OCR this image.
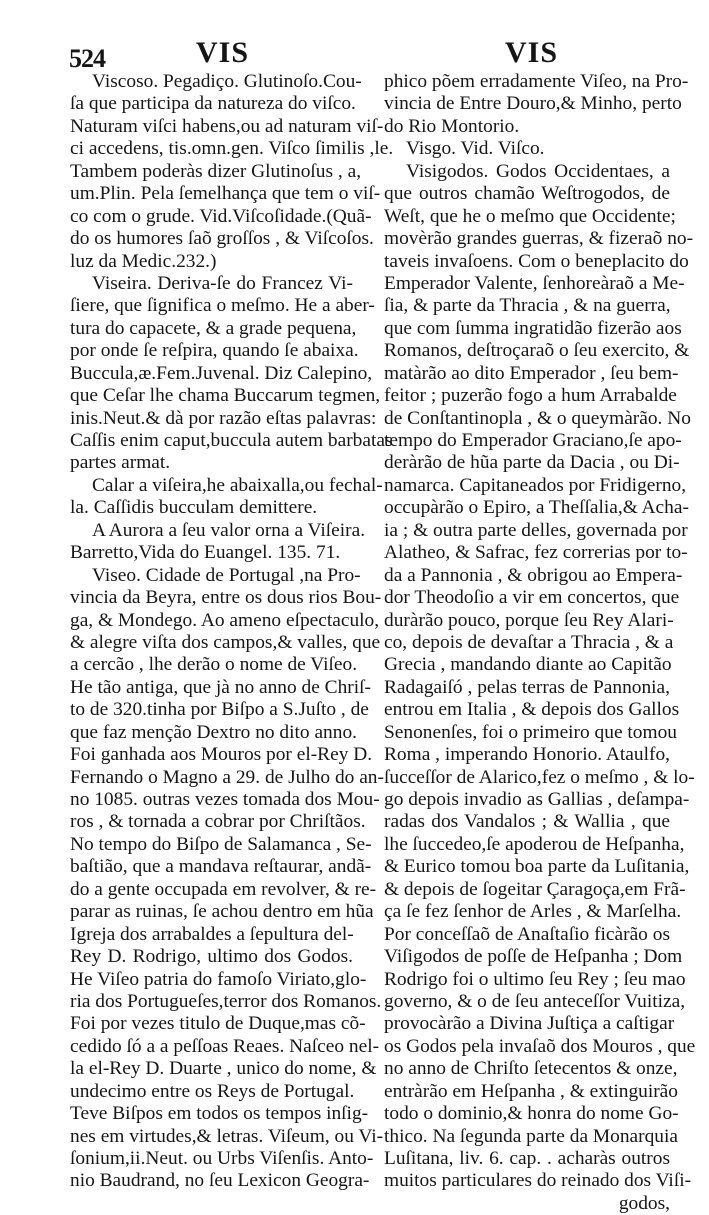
524	VIS	VIS
Viscoso. Pegadiço. Glutinoſo.Cou-
ſa que participa da natureza do viſco.
Naturam viſci habens,ou ad naturam viſ-
ci accedens, tis.omn.gen. Viſco ſimilis ,le.
Tambem poderàs dizer Glutinoſus , a,
um.Plin. Pela ſemelhança que tem o viſ-
co com o grude. Vid.Viſcoſidade.(Quã-
do os humores ſaõ groſſos , & Viſcoſos.
luz da Medic.232.)
Viseira. Deriva-ſe do Francez Vi-
ſiere, que ſignifica o meſmo. He a aber-
tura do capacete, & a grade pequena,
por onde ſe reſpira, quando ſe abaixa.
Buccula,æ.Fem.Juvenal. Diz Calepino,
que Ceſar lhe chama Buccarum tegmen,
inis.Neut.& dà por razão eſtas palavras:
Caſſis enim caput,buccula autem barbatas
partes armat.
Calar a viſeira,he abaixalla,ou fechal-
la. Caſſidis bucculam demittere.
A Aurora a ſeu valor orna a Viſeira.
Barretto,Vida do Euangel. 135. 71.
Viseo. Cidade de Portugal ,na Pro-
vincia da Beyra, entre os dous rios Bou-
ga, & Mondego. Ao ameno eſpectaculo,
& alegre viſta dos campos,& valles, que
a cercão , lhe derão o nome de Viſeo.
He tão antiga, que jà no anno de Chriſ-
to de 320.tinha por Biſpo a S.Juſto , de
que faz menção Dextro no dito anno.
Foi ganhada aos Mouros por el-Rey D.
Fernando o Magno a 29. de Julho do an-
no 1085. outras vezes tomada dos Mou-
ros , & tornada a cobrar por Chriſtãos.
No tempo do Biſpo de Salamanca , Se-
baſtião, que a mandava reſtaurar, andã-
do a gente occupada em revolver, & re-
parar as ruinas, ſe achou dentro em hũa
Igreja dos arrabaldes a ſepultura del-
Rey D. Rodrigo, ultimo dos Godos.
He Viſeo patria do famoſo Viriato,glo-
ria dos Portugueſes,terror dos Romanos.
Foi por vezes titulo de Duque,mas cõ-
cedido ſó a a peſſoas Reaes. Naſceo nel-
la el-Rey D. Duarte , unico do nome, &
undecimo entre os Reys de Portugal.
Teve Biſpos em todos os tempos inſig-
nes em virtudes,& letras. Viſeum, ou Vi-
ſonium,ii.Neut. ou Urbs Viſenſis. Anto-
nio Baudrand, no ſeu Lexicon Geogra-
phico põem erradamente Viſeo, na Pro-
vincia de Entre Douro,& Minho, perto
do Rio Montorio.
Visgo. Vid. Viſco.
Visigodos. Godos Occidentaes, a
que outros chamão Weſtrogodos, de
Weſt, que he o meſmo que Occidente;
movèrão grandes guerras, & fizeraõ no-
taveis invaſoens. Com o beneplacito do
Emperador Valente, ſenhoreàraõ a Me-
ſia, & parte da Thracia , & na guerra,
que com ſumma ingratidão fizerão aos
Romanos, deſtroçaraõ o ſeu exercito, &
matàrão ao dito Emperador , ſeu bem-
feitor ; puzerão fogo a hum Arrabalde
de Conſtantinopla , & o queymàrão. No
tempo do Emperador Graciano,ſe apo-
deràrão de hũa parte da Dacia , ou Di-
namarca. Capitaneados por Fridigerno,
occupàrão o Epiro, a Theſſalia,& Acha-
ia ; & outra parte delles, governada por
Alatheo, & Safrac, fez correrias por to-
da a Pannonia , & obrigou ao Empera-
dor Theodoſio a vir em concertos, que
duràrão pouco, porque ſeu Rey Alari-
co, depois de devaſtar a Thracia , & a
Grecia , mandando diante ao Capitão
Radagaiſó , pelas terras de Pannonia,
entrou em Italia , & depois dos Gallos
Senonenſes, foi o primeiro que tomou
Roma , imperando Honorio. Ataulfo,
ſucceſſor de Alarico,fez o meſmo , & lo-
go depois invadio as Gallias , deſampa-
radas dos Vandalos ; & Wallia , que
lhe ſuccedeo,ſe apoderou de Heſpanha,
& Eurico tomou boa parte da Luſitania,
& depois de ſogeitar Çaragoça,em Frã-
ça ſe fez ſenhor de Arles , & Marſelha.
Por conceſſaõ de Anaſtaſio ficàrão os
Viſigodos de poſſe de Heſpanha ; Dom
Rodrigo foi o ultimo ſeu Rey ; ſeu mao
governo, & o de ſeu anteceſſor Vuitiza,
provocàrão a Divina Juſtiça a caſtigar
os Godos pela invaſaõ dos Mouros , que
no anno de Chriſto ſetecentos & onze,
entràrão em Heſpanha , & extinguirão
todo o dominio,& honra do nome Go-
thico. Na ſegunda parte da Monarquia
Luſitana, liv. 6. cap. . acharàs outros
muitos particulares do reinado dos Viſi-
godos,
